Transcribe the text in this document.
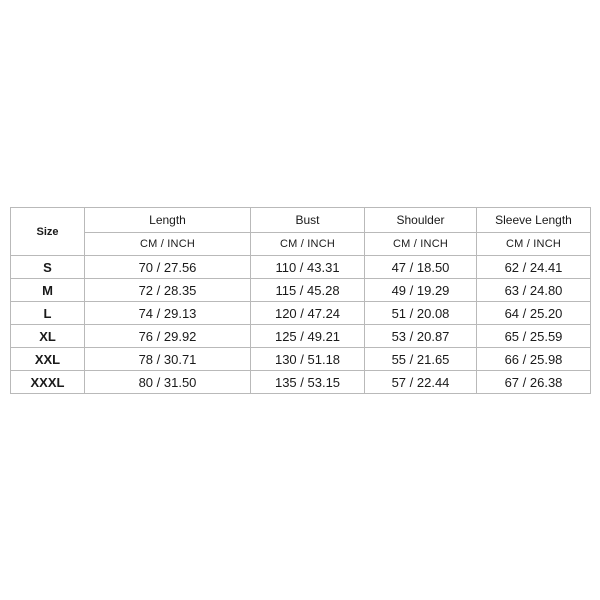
Size	Length	Bust	Shoulder	Sleeve Length
	CM / INCH	CM / INCH	CM / INCH	CM / INCH
S	70 / 27.56	110 / 43.31	47 / 18.50	62 / 24.41
M	72 / 28.35	115 / 45.28	49 / 19.29	63 / 24.80
L	74 / 29.13	120 / 47.24	51 / 20.08	64 / 25.20
XL	76 / 29.92	125 / 49.21	53 / 20.87	65 / 25.59
XXL	78 / 30.71	130 / 51.18	55 / 21.65	66 / 25.98
XXXL	80 / 31.50	135 / 53.15	57 / 22.44	67 / 26.38
